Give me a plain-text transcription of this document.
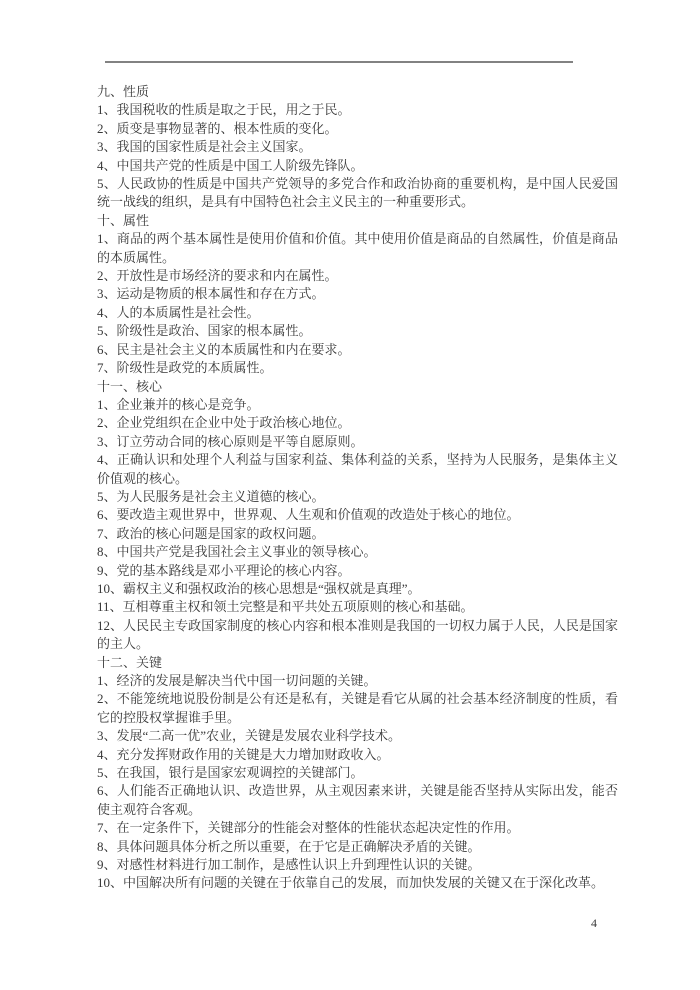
九、性质

1、我国税收的性质是取之于民，用之于民。

2、质变是事物显著的、根本性质的变化。

3、我国的国家性质是社会主义国家。

4、中国共产党的性质是中国工人阶级先锋队。

5、人民政协的性质是中国共产党领导的多党合作和政治协商的重要机构，是中国人民爱国统一战线的组织，是具有中国特色社会主义民主的一种重要形式。

十、属性

1、商品的两个基本属性是使用价值和价值。其中使用价值是商品的自然属性，价值是商品的本质属性。

2、开放性是市场经济的要求和内在属性。

3、运动是物质的根本属性和存在方式。

4、人的本质属性是社会性。

5、阶级性是政治、国家的根本属性。

6、民主是社会主义的本质属性和内在要求。

7、阶级性是政党的本质属性。

十一、核心

1、企业兼并的核心是竞争。

2、企业党组织在企业中处于政治核心地位。

3、订立劳动合同的核心原则是平等自愿原则。

4、正确认识和处理个人利益与国家利益、集体利益的关系，坚持为人民服务，是集体主义价值观的核心。

5、为人民服务是社会主义道德的核心。

6、要改造主观世界中，世界观、人生观和价值观的改造处于核心的地位。

7、政治的核心问题是国家的政权问题。

8、中国共产党是我国社会主义事业的领导核心。

9、党的基本路线是邓小平理论的核心内容。

10、霸权主义和强权政治的核心思想是“强权就是真理”。

11、互相尊重主权和领土完整是和平共处五项原则的核心和基础。

12、人民民主专政国家制度的核心内容和根本准则是我国的一切权力属于人民，人民是国家的主人。

十二、关键

1、经济的发展是解决当代中国一切问题的关键。

2、不能笼统地说股份制是公有还是私有，关键是看它从属的社会基本经济制度的性质，看它的控股权掌握谁手里。

3、发展“二高一优”农业，关键是发展农业科学技术。

4、充分发挥财政作用的关键是大力增加财政收入。

5、在我国，银行是国家宏观调控的关键部门。

6、人们能否正确地认识、改造世界，从主观因素来讲，关键是能否坚持从实际出发，能否使主观符合客观。

7、在一定条件下，关键部分的性能会对整体的性能状态起决定性的作用。

8、具体问题具体分析之所以重要，在于它是正确解决矛盾的关键。

9、对感性材料进行加工制作，是感性认识上升到理性认识的关键。

10、中国解决所有问题的关键在于依靠自己的发展，而加快发展的关键又在于深化改革。

4
